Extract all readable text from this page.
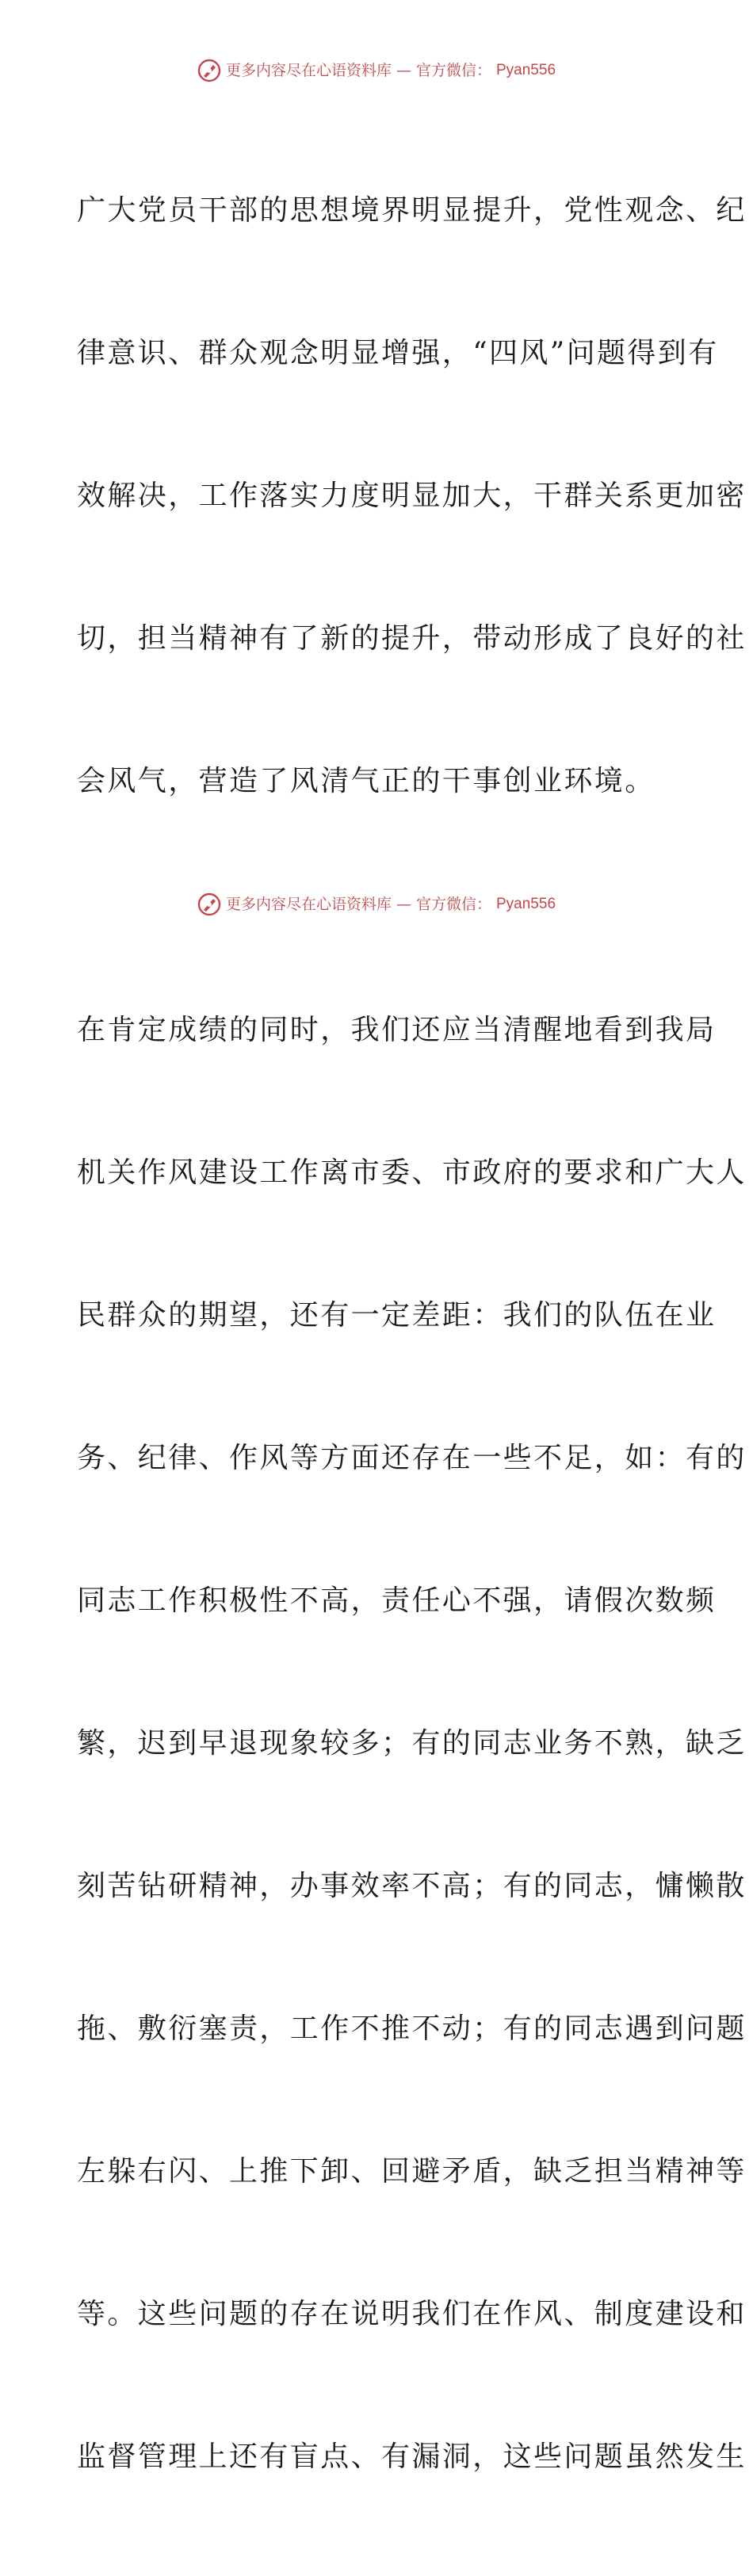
更多内容尽在心语资料库 — 官方微信： Pyan556

广大党员干部的思想境界明显提升，党性观念、纪

律意识、群众观念明显增强，“四风”问题得到有

效解决，工作落实力度明显加大，干群关系更加密

切，担当精神有了新的提升，带动形成了良好的社

会风气，营造了风清气正的干事创业环境。

在肯定成绩的同时，我们还应当清醒地看到我局

机关作风建设工作离市委、市政府的要求和广大人

民群众的期望，还有一定差距：我们的队伍在业

务、纪律、作风等方面还存在一些不足，如：有的

同志工作积极性不高，责任心不强，请假次数频

繁，迟到早退现象较多；有的同志业务不熟，缺乏

刻苦钻研精神，办事效率不高；有的同志，慵懒散

拖、敷衍塞责，工作不推不动；有的同志遇到问题

左躲右闪、上推下卸、回避矛盾，缺乏担当精神等

等。这些问题的存在说明我们在作风、制度建设和

监督管理上还有盲点、有漏洞，这些问题虽然发生

更多内容尽在心语资料库 — 官方微信： Pyan556
